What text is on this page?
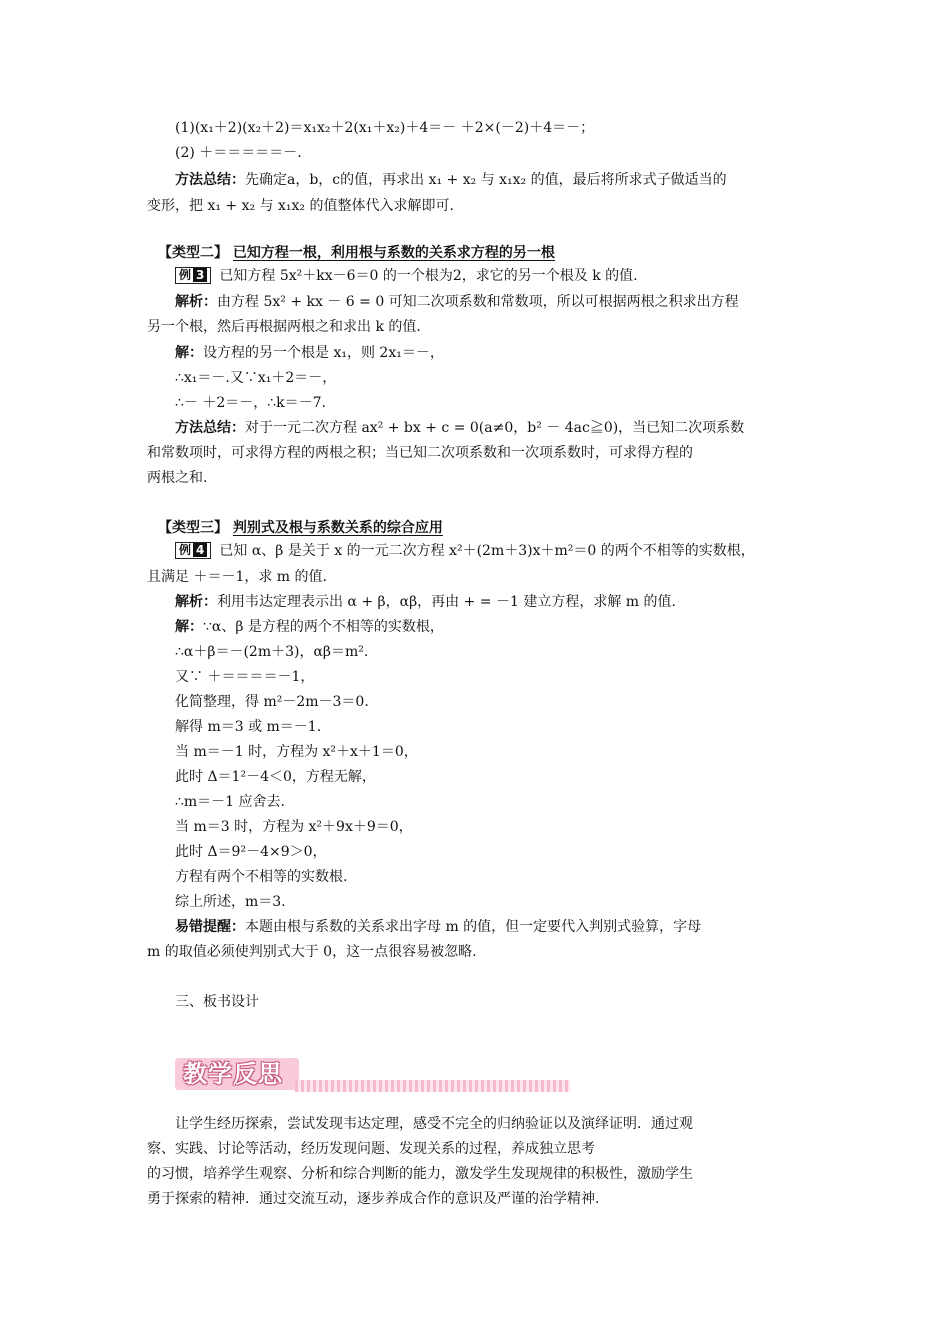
(1)(x₁＋2)(x₂＋2)＝x₁x₂＋2(x₁＋x₂)＋4＝－ ＋2×(－2)＋4＝－；
(2) ＋＝＝＝＝＝－.
方法总结：先确定a，b，c的值，再求出 x₁ + x₂ 与 x₁x₂ 的值，最后将所求式子做适当的
变形，把 x₁ + x₂ 与 x₁x₂ 的值整体代入求解即可.
【类型二】 已知方程一根，利用根与系数的关系求方程的另一根
例 3 已知方程 5x²＋kx－6＝0 的一个根为2，求它的另一个根及 k 的值.
解析：由方程 5x² + kx － 6 = 0 可知二次项系数和常数项，所以可根据两根之积求出方程
另一个根，然后再根据两根之和求出 k 的值.
解：设方程的另一个根是 x₁，则 2x₁＝－，
∴x₁＝－.又∵x₁＋2＝－，
∴－ ＋2＝－，∴k＝－7.
方法总结：对于一元二次方程 ax² + bx + c = 0(a≠0，b² － 4ac≧0)，当已知二次项系数
和常数项时，可求得方程的两根之积；当已知二次项系数和一次项系数时，可求得方程的
两根之和.
【类型三】 判别式及根与系数关系的综合应用
例 4 已知 α、β 是关于 x 的一元二次方程 x²＋(2m＋3)x＋m²＝0 的两个不相等的实数根，
且满足 ＋＝－1，求 m 的值.
解析：利用韦达定理表示出 α + β，αβ，再由 + = －1 建立方程，求解 m 的值.
解：∵α、β 是方程的两个不相等的实数根，
∴α＋β＝－(2m＋3)，αβ＝m².
又∵ ＋＝＝＝＝－1，
化简整理，得 m²－2m－3＝0.
解得 m＝3 或 m＝－1.
当 m＝－1 时，方程为 x²＋x＋1＝0，
此时 Δ＝1²－4＜0，方程无解，
∴m＝－1 应舍去.
当 m＝3 时，方程为 x²＋9x＋9＝0，
此时 Δ＝9²－4×9＞0，
方程有两个不相等的实数根.
综上所述，m＝3.
易错提醒：本题由根与系数的关系求出字母 m 的值，但一定要代入判别式验算，字母
m 的取值必须使判别式大于 0，这一点很容易被忽略.
三、板书设计
教学反思
让学生经历探索，尝试发现韦达定理，感受不完全的归纳验证以及演绎证明．通过观
察、实践、讨论等活动，经历发现问题、发现关系的过程，养成独立思考
的习惯，培养学生观察、分析和综合判断的能力，激发学生发现规律的积极性，激励学生
勇于探索的精神．通过交流互动，逐步养成合作的意识及严谨的治学精神.
